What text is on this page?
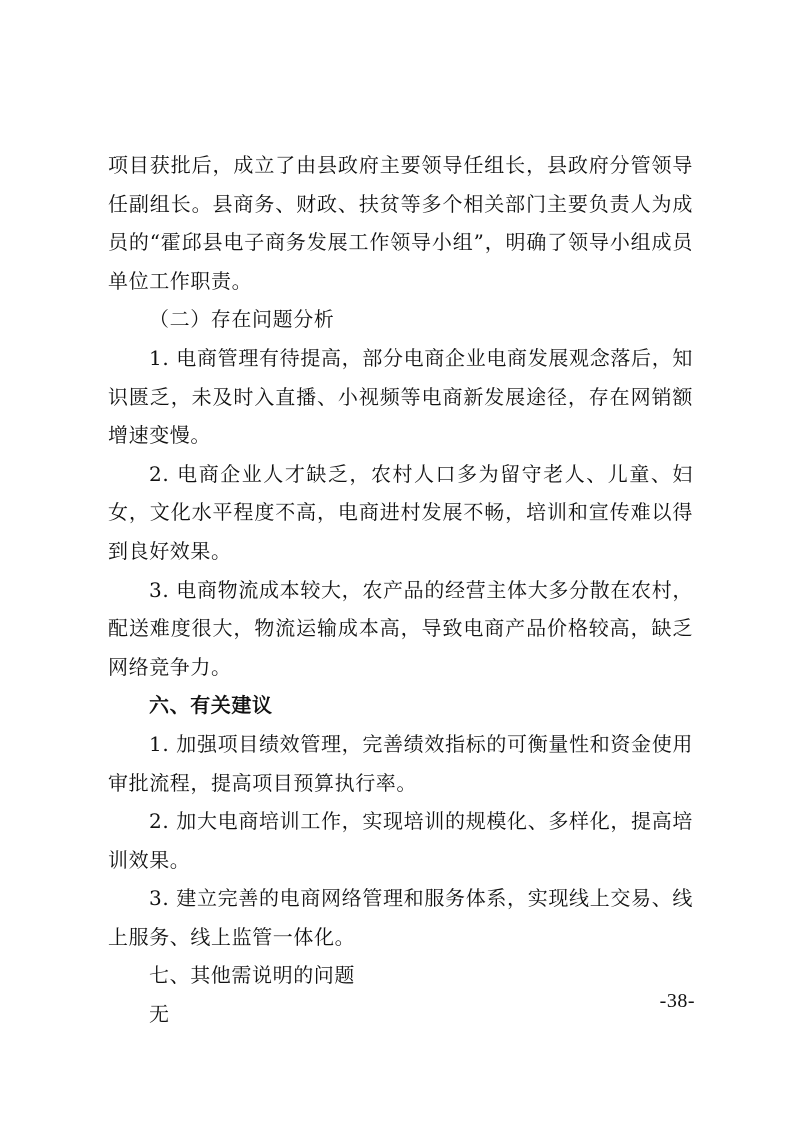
项目获批后，成立了由县政府主要领导任组长，县政府分管领导任副组长。县商务、财政、扶贫等多个相关部门主要负责人为成员的“霍邱县电子商务发展工作领导小组”，明确了领导小组成员单位工作职责。

（二）存在问题分析

1. 电商管理有待提高，部分电商企业电商发展观念落后，知识匮乏，未及时入直播、小视频等电商新发展途径，存在网销额增速变慢。

2. 电商企业人才缺乏，农村人口多为留守老人、儿童、妇女，文化水平程度不高，电商进村发展不畅，培训和宣传难以得到良好效果。

3. 电商物流成本较大，农产品的经营主体大多分散在农村，配送难度很大，物流运输成本高，导致电商产品价格较高，缺乏网络竞争力。

六、有关建议

1. 加强项目绩效管理，完善绩效指标的可衡量性和资金使用审批流程，提高项目预算执行率。

2. 加大电商培训工作，实现培训的规模化、多样化，提高培训效果。

3. 建立完善的电商网络管理和服务体系，实现线上交易、线上服务、线上监管一体化。

七、其他需说明的问题

无

-38-
